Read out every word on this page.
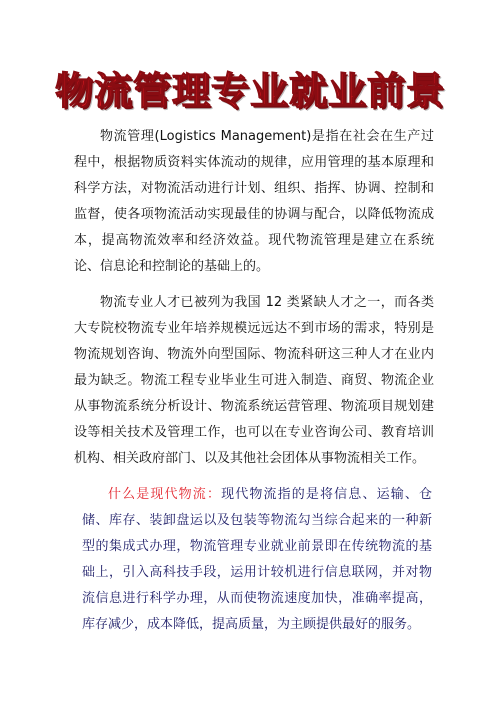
物流管理专业就业前景
物流管理(Logistics Management)是指在社会在生产过程中，根据物质资料实体流动的规律，应用管理的基本原理和科学方法，对物流活动进行计划、组织、指挥、协调、控制和监督，使各项物流活动实现最佳的协调与配合，以降低物流成本，提高物流效率和经济效益。现代物流管理是建立在系统论、信息论和控制论的基础上的。
物流专业人才已被列为我国 12 类紧缺人才之一，而各类大专院校物流专业年培养规模远远达不到市场的需求，特别是物流规划咨询、物流外向型国际、物流科研这三种人才在业内最为缺乏。物流工程专业毕业生可进入制造、商贸、物流企业从事物流系统分析设计、物流系统运营管理、物流项目规划建设等相关技术及管理工作，也可以在专业咨询公司、教育培训机构、相关政府部门、以及其他社会团体从事物流相关工作。
什么是现代物流：现代物流指的是将信息、运输、仓储、库存、装卸盘运以及包装等物流勾当综合起来的一种新型的集成式办理，物流管理专业就业前景即在传统物流的基础上，引入高科技手段，运用计较机进行信息联网，并对物流信息进行科学办理，从而使物流速度加快，准确率提高，库存减少，成本降低，提高质量，为主顾提供最好的服务。
